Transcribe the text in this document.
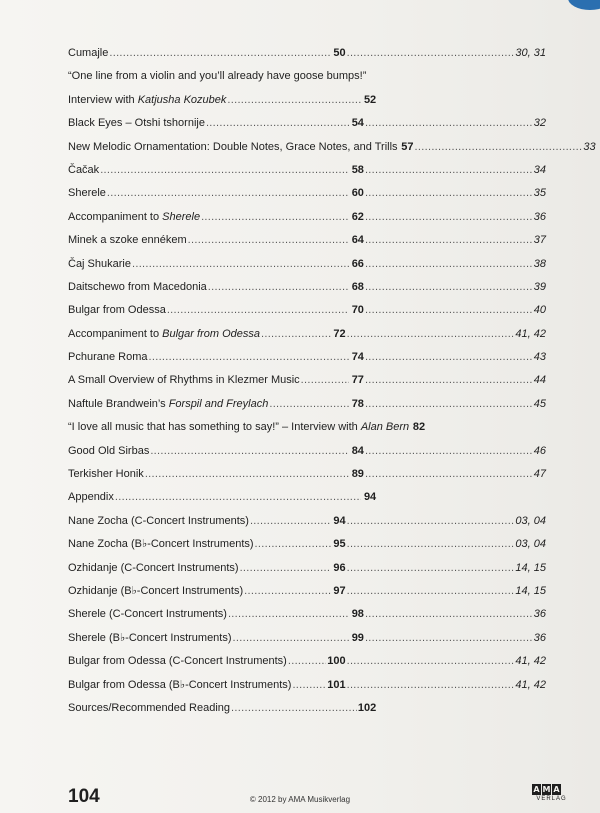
Cumajle .....	50 .....	30, 31
“One line from a violin and you’ll already have goose bumps!”
Interview with Katjusha Kozubek .....	52
Black Eyes – Otshi tshornije .....	54 .....	32
New Melodic Ornamentation: Double Notes, Grace Notes, and Trills 57 .....	33
Čačak .....	58 .....	34
Sherele .....	60 .....	35
Accompaniment to Sherele .....	62 .....	36
Minek a szoke ennékem .....	64 .....	37
Čaj Shukarie .....	66 .....	38
Daitschewo from Macedonia .....	68 .....	39
Bulgar from Odessa .....	70 .....	40
Accompaniment to Bulgar from Odessa .....	72 .....	41, 42
Pchurane Roma .....	74 .....	43
A Small Overview of Rhythms in Klezmer Music .....	77 .....	44
Naftule Brandwein’s Forspil and Freylach .....	78 .....	45
“I love all music that has something to say!” – Interview with Alan Bern 82
Good Old Sirbas .....	84 .....	46
Terkisher Honik .....	89 .....	47
Appendix .....	94
Nane Zocha (C-Concert Instruments) .....	94 .....	03, 04
Nane Zocha (B♭-Concert Instruments) .....	95 .....	03, 04
Ozhidanje (C-Concert Instruments) .....	96 .....	14, 15
Ozhidanje (B♭-Concert Instruments) .....	97 .....	14, 15
Sherele (C-Concert Instruments) .....	98 .....	36
Sherele (B♭-Concert Instruments) .....	99 .....	36
Bulgar from Odessa (C-Concert Instruments) .....	100 .....	41, 42
Bulgar from Odessa (B♭-Concert Instruments) .....	101 .....	41, 42
Sources/Recommended Reading .....	102
104	© 2012 by AMA Musikverlag
A M A
VERLAG
